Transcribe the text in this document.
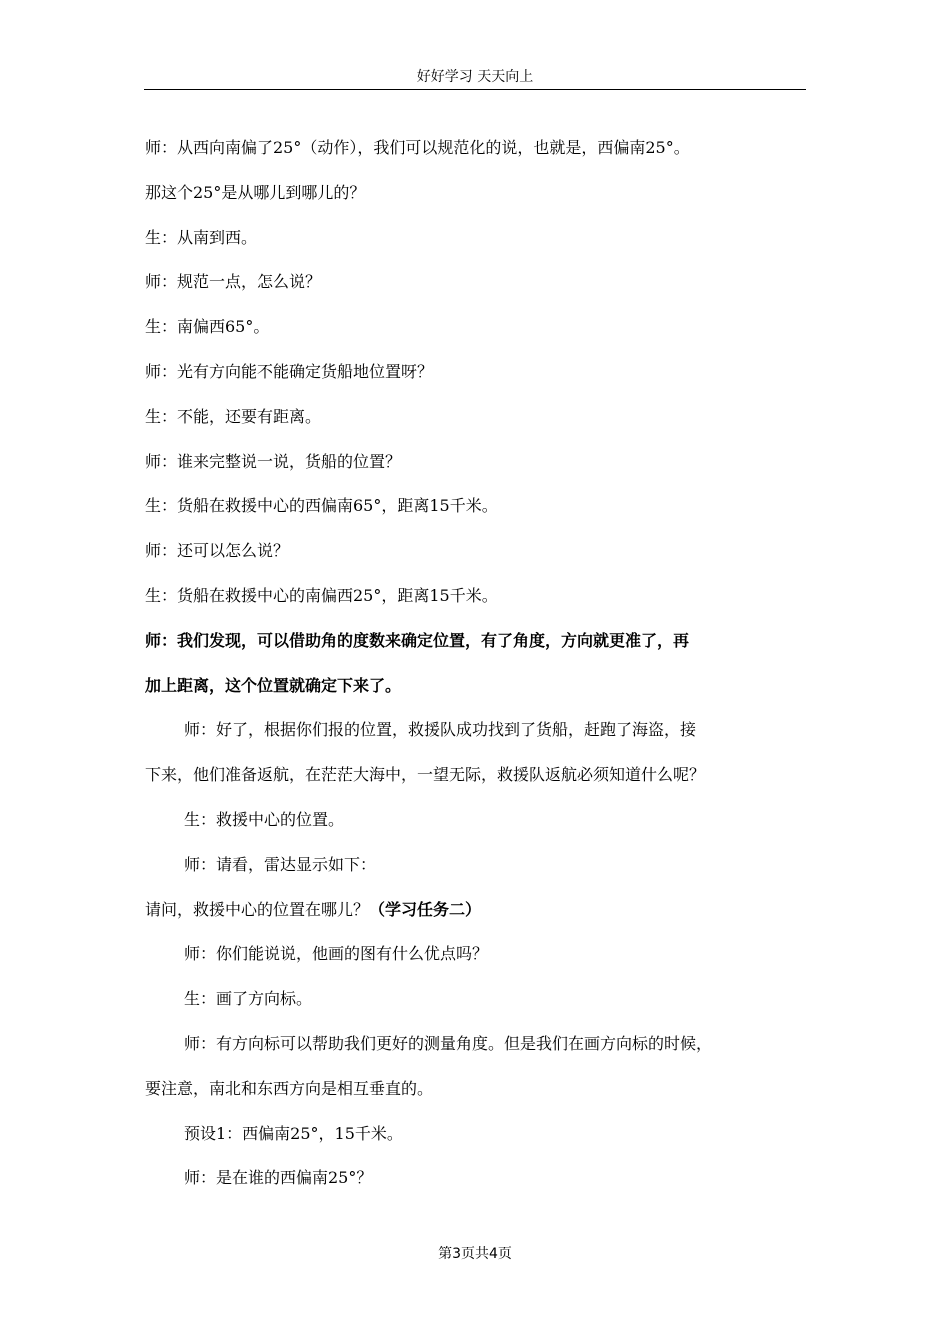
好好学习 天天向上
师：从西向南偏了25°（动作），我们可以规范化的说，也就是，西偏南25°。
那这个25°是从哪儿到哪儿的？
生：从南到西。
师：规范一点，怎么说？
生：南偏西65°。
师：光有方向能不能确定货船地位置呀？
生：不能，还要有距离。
师：谁来完整说一说，货船的位置？
生：货船在救援中心的西偏南65°，距离15千米。
师：还可以怎么说？
生：货船在救援中心的南偏西25°，距离15千米。
师：我们发现，可以借助角的度数来确定位置，有了角度，方向就更准了，再
加上距离，这个位置就确定下来了。
师：好了，根据你们报的位置，救援队成功找到了货船，赶跑了海盗，接
下来，他们准备返航，在茫茫大海中，一望无际，救援队返航必须知道什么呢？
生：救援中心的位置。
师：请看，雷达显示如下：
请问，救援中心的位置在哪儿？（学习任务二）
师：你们能说说，他画的图有什么优点吗？
生：画了方向标。
师：有方向标可以帮助我们更好的测量角度。但是我们在画方向标的时候，
要注意，南北和东西方向是相互垂直的。
预设1：西偏南25°，15千米。
师：是在谁的西偏南25°？
第3页共4页
